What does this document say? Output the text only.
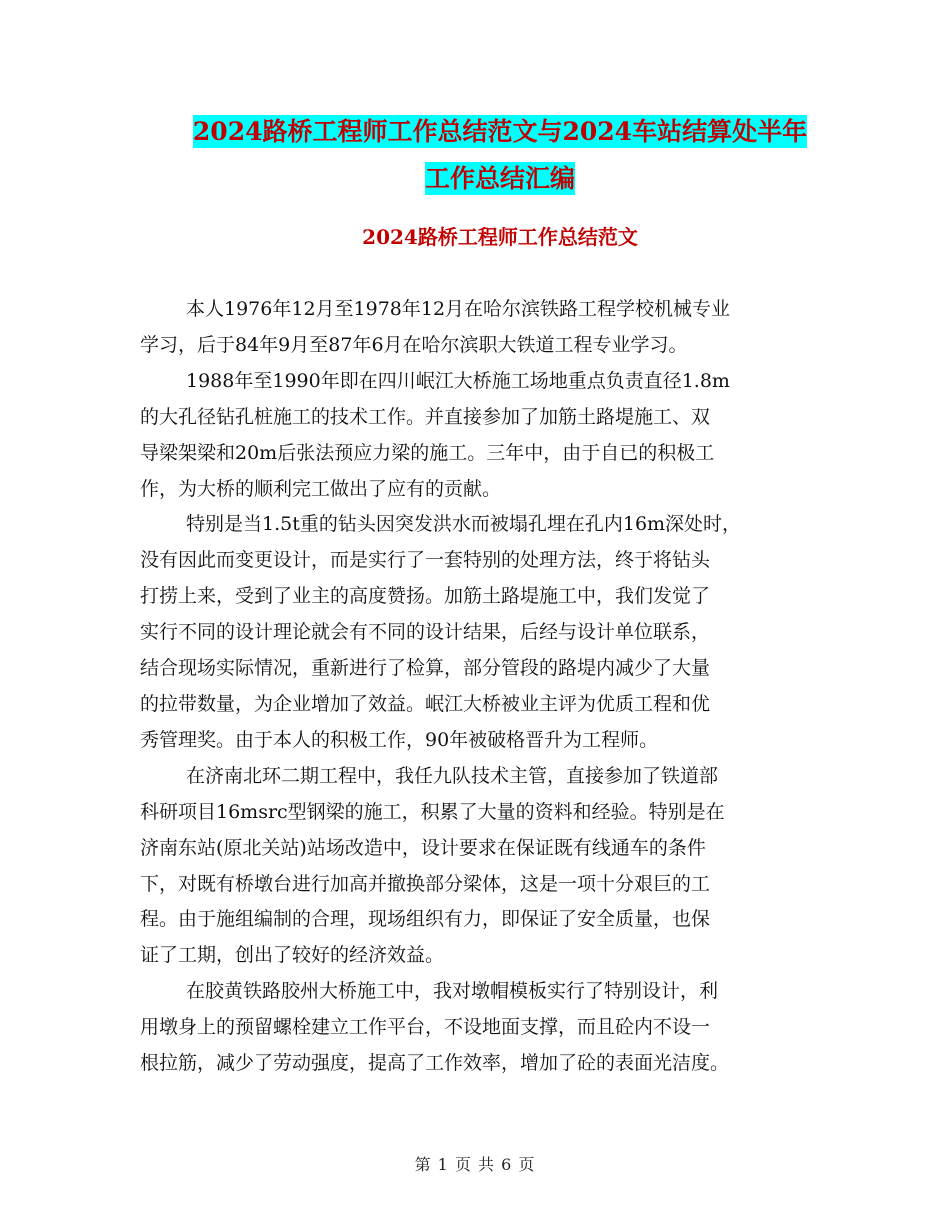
2024路桥工程师工作总结范文与2024车站结算处半年
工作总结汇编
2024路桥工程师工作总结范文
本人1976年12月至1978年12月在哈尔滨铁路工程学校机械专业
学习，后于84年9月至87年6月在哈尔滨职大铁道工程专业学习。
1988年至1990年即在四川岷江大桥施工场地重点负责直径1.8m
的大孔径钻孔桩施工的技术工作。并直接参加了加筋土路堤施工、双
导梁架梁和20m后张法预应力梁的施工。三年中，由于自已的积极工
作，为大桥的顺利完工做出了应有的贡献。
特别是当1.5t重的钻头因突发洪水而被塌孔埋在孔内16m深处时，
没有因此而变更设计，而是实行了一套特别的处理方法，终于将钻头
打捞上来，受到了业主的高度赞扬。加筋土路堤施工中，我们发觉了
实行不同的设计理论就会有不同的设计结果，后经与设计单位联系，
结合现场实际情况，重新进行了检算，部分管段的路堤内减少了大量
的拉带数量，为企业增加了效益。岷江大桥被业主评为优质工程和优
秀管理奖。由于本人的积极工作，90年被破格晋升为工程师。
在济南北环二期工程中，我任九队技术主管，直接参加了铁道部
科研项目16msrc型钢梁的施工，积累了大量的资料和经验。特别是在
济南东站(原北关站)站场改造中，设计要求在保证既有线通车的条件
下，对既有桥墩台进行加高并撤换部分梁体，这是一项十分艰巨的工
程。由于施组编制的合理，现场组织有力，即保证了安全质量，也保
证了工期，创出了较好的经济效益。
在胶黄铁路胶州大桥施工中，我对墩帽模板实行了特别设计，利
用墩身上的预留螺栓建立工作平台，不设地面支撑，而且砼内不设一
根拉筋，减少了劳动强度，提高了工作效率，增加了砼的表面光洁度。
第 1 页 共 6 页
